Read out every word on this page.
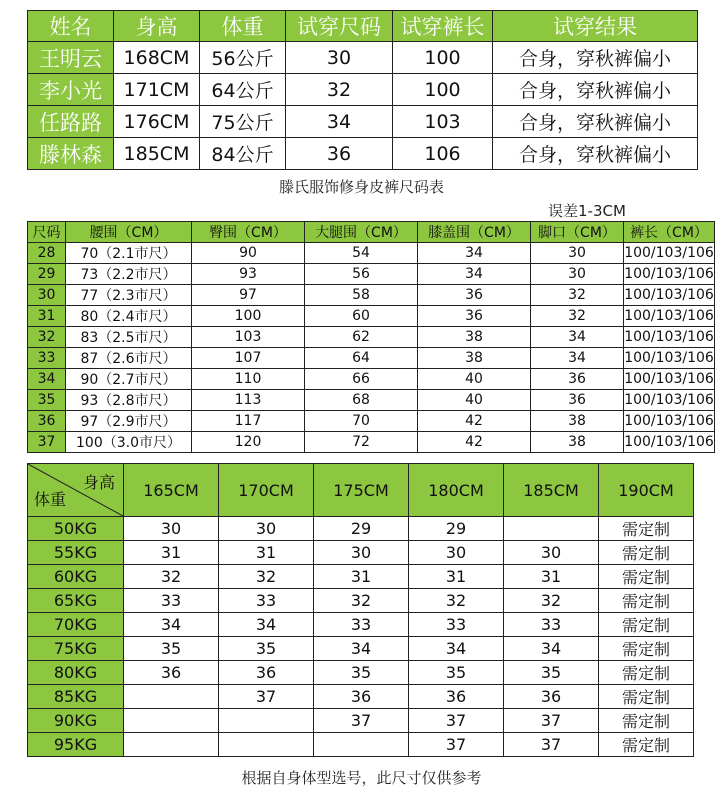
姓名	身高	体重	试穿尺码	试穿裤长	试穿结果
王明云	168CM	56公斤	30	100	合身，穿秋裤偏小
李小光	171CM	64公斤	32	100	合身，穿秋裤偏小
任路路	176CM	75公斤	34	103	合身，穿秋裤偏小
滕林森	185CM	84公斤	36	106	合身，穿秋裤偏小
滕氏服饰修身皮裤尺码表
误差1-3CM
尺码	腰围（CM）	臀围（CM）	大腿围（CM）	膝盖围（CM）	脚口（CM）	裤长（CM）
28	70（2.1市尺）	90	54	34	30	100/103/106
29	73（2.2市尺）	93	56	34	30	100/103/106
30	77（2.3市尺）	97	58	36	32	100/103/106
31	80（2.4市尺）	100	60	36	32	100/103/106
32	83（2.5市尺）	103	62	38	34	100/103/106
33	87（2.6市尺）	107	64	38	34	100/103/106
34	90（2.7市尺）	110	66	40	36	100/103/106
35	93（2.8市尺）	113	68	40	36	100/103/106
36	97（2.9市尺）	117	70	42	38	100/103/106
37	100（3.0市尺）	120	72	42	38	100/103/106
身高
体重	165CM	170CM	175CM	180CM	185CM	190CM
50KG	30	30	29	29		需定制
55KG	31	31	30	30	30	需定制
60KG	32	32	31	31	31	需定制
65KG	33	33	32	32	32	需定制
70KG	34	34	33	33	33	需定制
75KG	35	35	34	34	34	需定制
80KG	36	36	35	35	35	需定制
85KG		37	36	36	36	需定制
90KG			37	37	37	需定制
95KG				37	37	需定制
根据自身体型选号，此尺寸仅供参考
